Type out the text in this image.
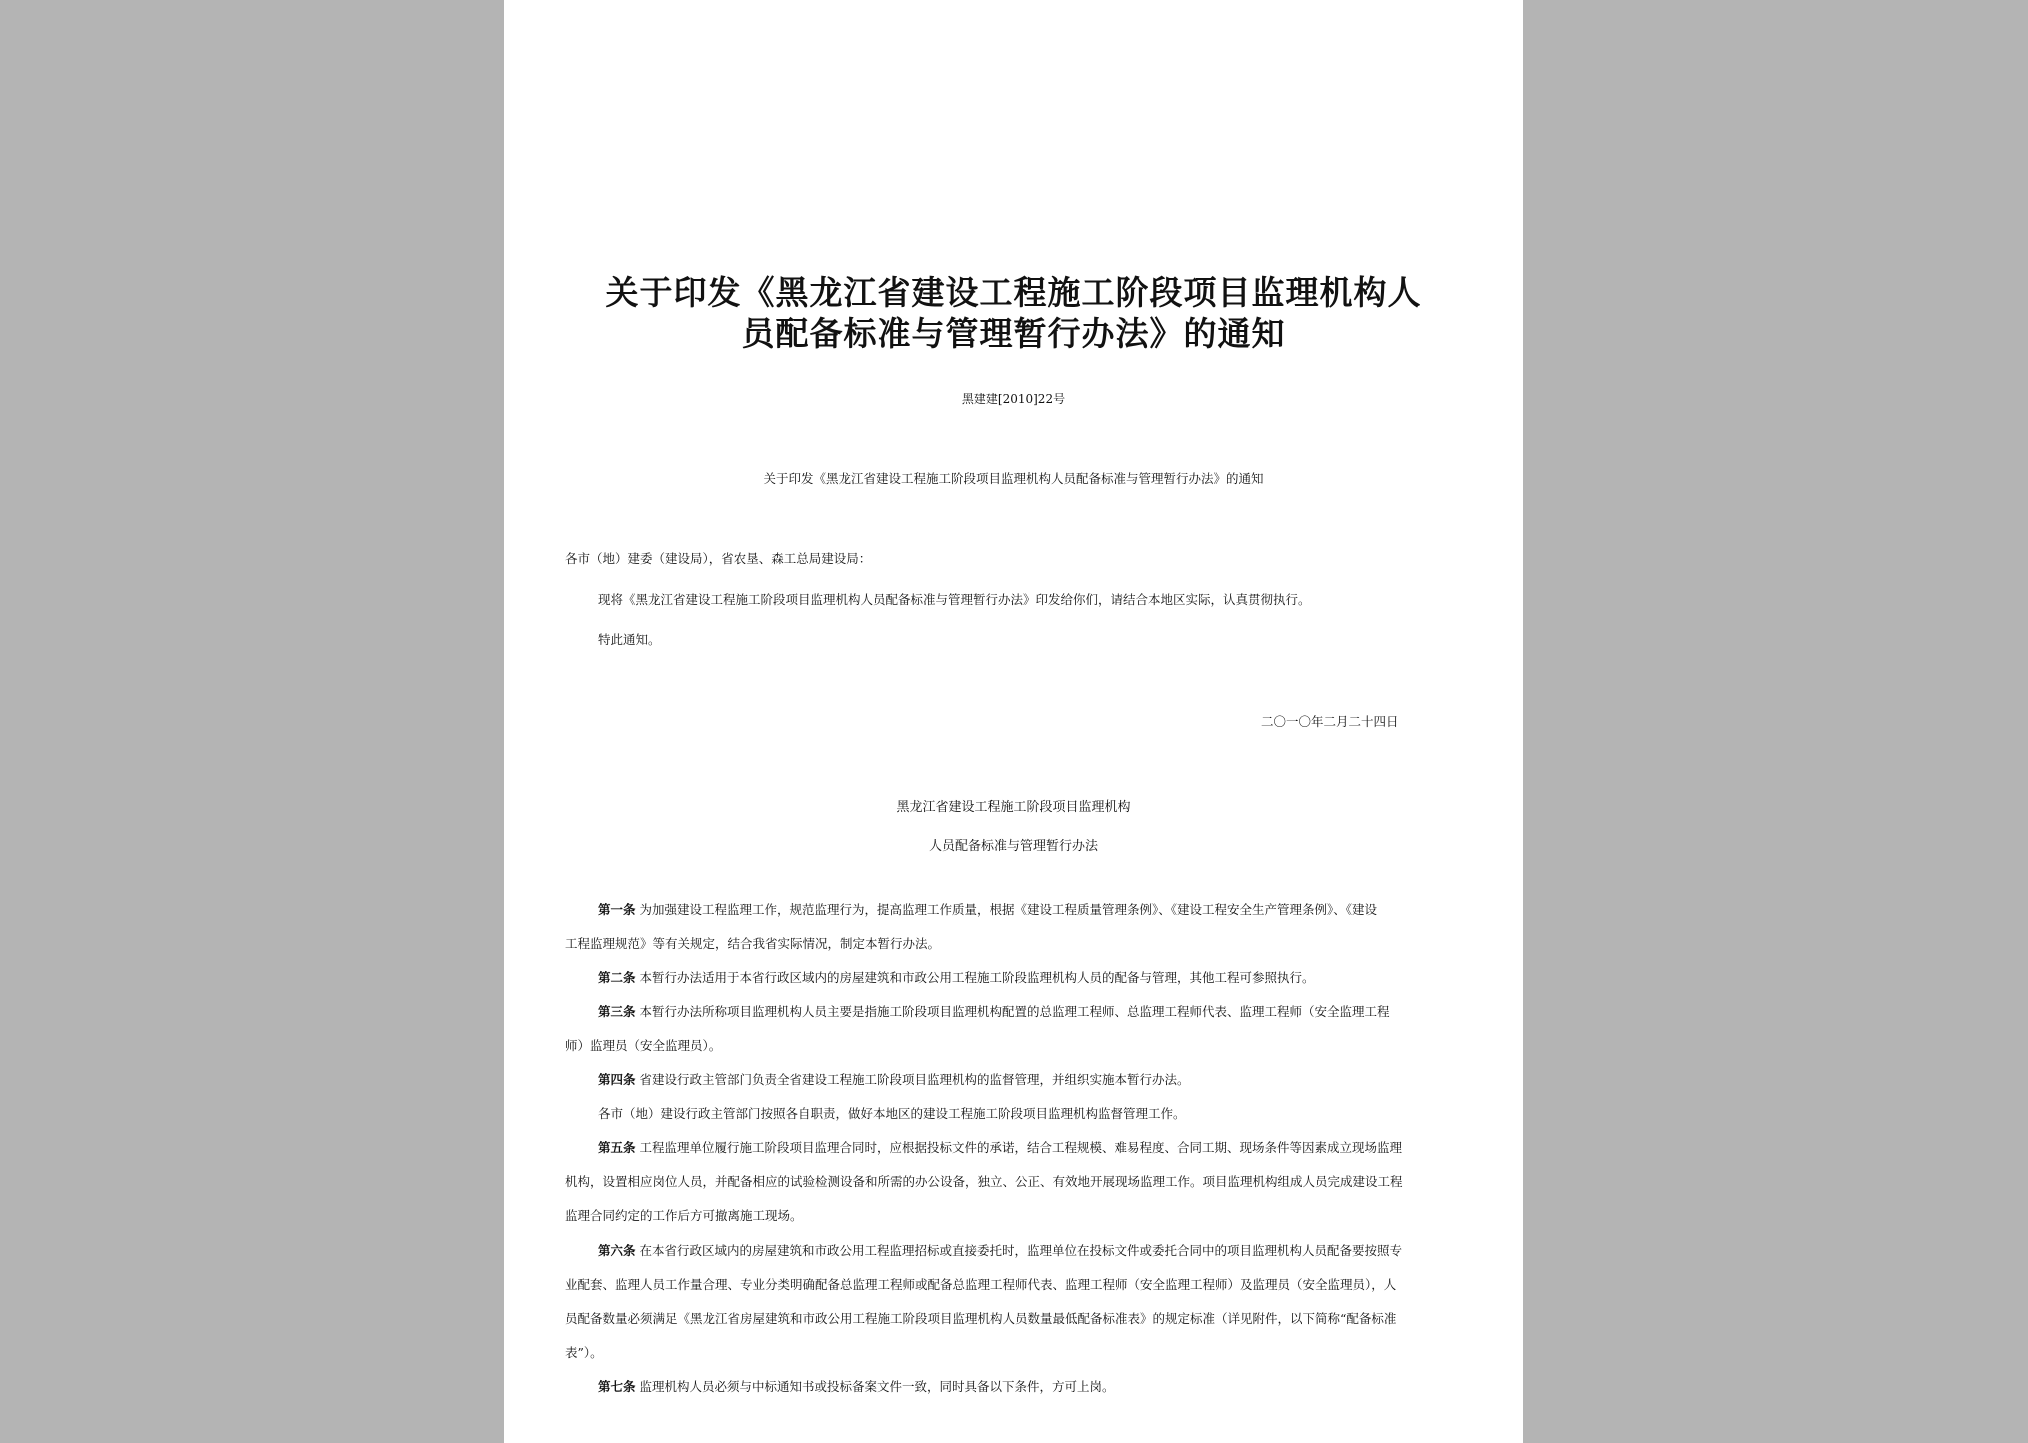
关于印发《黑龙江省建设工程施工阶段项目监理机构人
员配备标准与管理暂行办法》的通知
黑建建[2010]22号
关于印发《黑龙江省建设工程施工阶段项目监理机构人员配备标准与管理暂行办法》的通知
各市（地）建委（建设局），省农垦、森工总局建设局：
现将《黑龙江省建设工程施工阶段项目监理机构人员配备标准与管理暂行办法》印发给你们，请结合本地区实际，认真贯彻执行。
特此通知。
二〇一〇年二月二十四日
黑龙江省建设工程施工阶段项目监理机构
人员配备标准与管理暂行办法
第一条 为加强建设工程监理工作，规范监理行为，提高监理工作质量，根据《建设工程质量管理条例》、《建设工程安全生产管理条例》、《建设
工程监理规范》等有关规定，结合我省实际情况，制定本暂行办法。
第二条 本暂行办法适用于本省行政区域内的房屋建筑和市政公用工程施工阶段监理机构人员的配备与管理，其他工程可参照执行。
第三条 本暂行办法所称项目监理机构人员主要是指施工阶段项目监理机构配置的总监理工程师、总监理工程师代表、监理工程师（安全监理工程
师）监理员（安全监理员）。
第四条 省建设行政主管部门负责全省建设工程施工阶段项目监理机构的监督管理，并组织实施本暂行办法。
各市（地）建设行政主管部门按照各自职责，做好本地区的建设工程施工阶段项目监理机构监督管理工作。
第五条 工程监理单位履行施工阶段项目监理合同时，应根据投标文件的承诺，结合工程规模、难易程度、合同工期、现场条件等因素成立现场监理
机构，设置相应岗位人员，并配备相应的试验检测设备和所需的办公设备，独立、公正、有效地开展现场监理工作。项目监理机构组成人员完成建设工程
监理合同约定的工作后方可撤离施工现场。
第六条 在本省行政区域内的房屋建筑和市政公用工程监理招标或直接委托时，监理单位在投标文件或委托合同中的项目监理机构人员配备要按照专
业配套、监理人员工作量合理、专业分类明确配备总监理工程师或配备总监理工程师代表、监理工程师（安全监理工程师）及监理员（安全监理员），人
员配备数量必须满足《黑龙江省房屋建筑和市政公用工程施工阶段项目监理机构人员数量最低配备标准表》的规定标准（详见附件，以下简称“配备标准
表”）。
第七条 监理机构人员必须与中标通知书或投标备案文件一致，同时具备以下条件，方可上岗。
